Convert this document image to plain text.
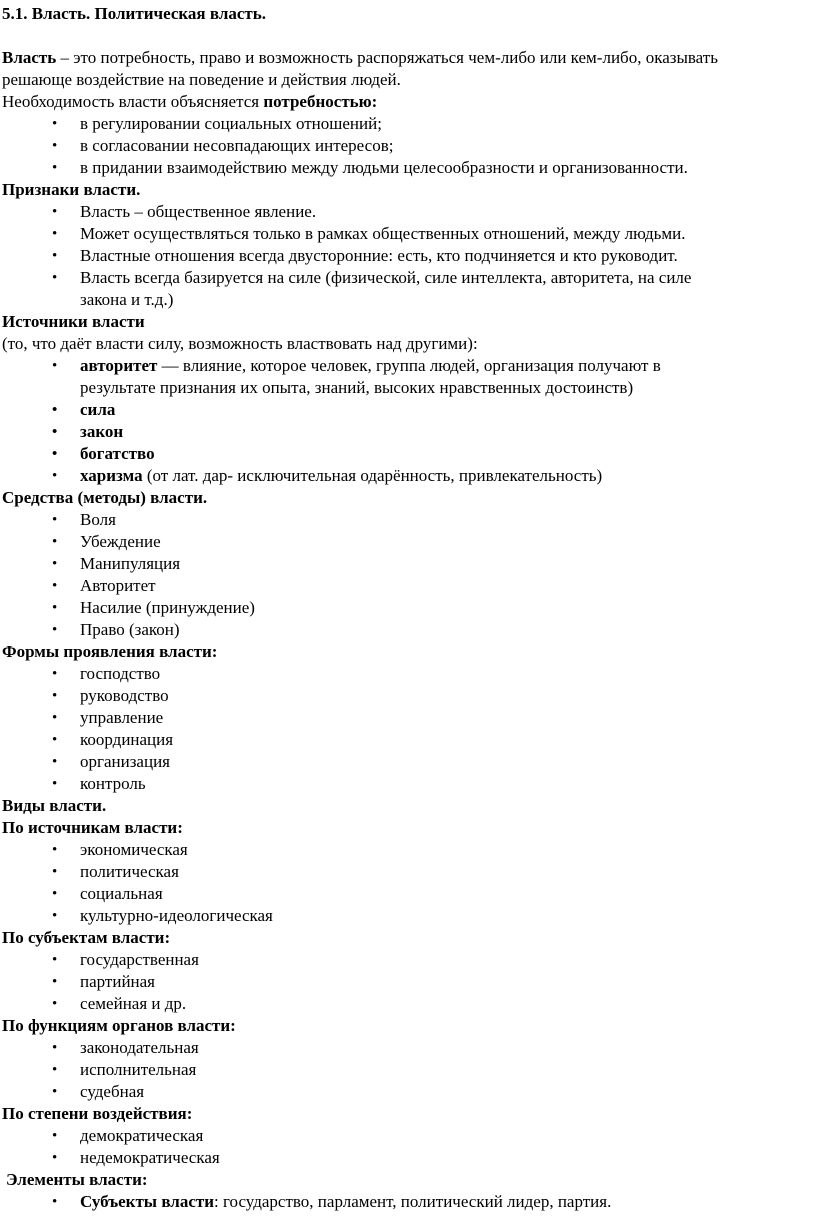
5.1. Власть. Политическая власть.

Власть – это потребность, право и возможность распоряжаться чем-либо или кем-либо, оказывать

решающе воздействие на поведение и действия людей.

Необходимость власти объясняется потребностью:

• в регулировании социальных отношений;
• в согласовании несовпадающих интересов;
• в придании взаимодействию между людьми целесообразности и организованности.

Признаки власти.

• Власть – общественное явление.
• Может осуществляться только в рамках общественных отношений, между людьми.
• Властные отношения всегда двусторонние: есть, кто подчиняется и кто руководит.
• Власть всегда базируется на силе (физической, силе интеллекта, авторитета, на силе
закона и т.д.)

Источники власти

(то, что даёт власти силу, возможность властвовать над другими):

• авторитет — влияние, которое человек, группа людей, организация получают в
результате признания их опыта, знаний, высоких нравственных достоинств)
• сила
• закон
• богатство
• харизма (от лат. дар- исключительная одарённость, привлекательность)

Средства (методы) власти.

• Воля
• Убеждение
• Манипуляция
• Авторитет
• Насилие (принуждение)
• Право (закон)

Формы проявления власти:

• господство
• руководство
• управление
• координация
• организация
• контроль

Виды власти.

По источникам власти:

• экономическая
• политическая
• социальная
• культурно-идеологическая

По субъектам власти:

• государственная
• партийная
• семейная и др.

По функциям органов власти:

• законодательная
• исполнительная
• судебная

По степени воздействия:

• демократическая
• недемократическая

Элементы власти:

• Субъекты власти: государство, парламент, политический лидер, партия.
